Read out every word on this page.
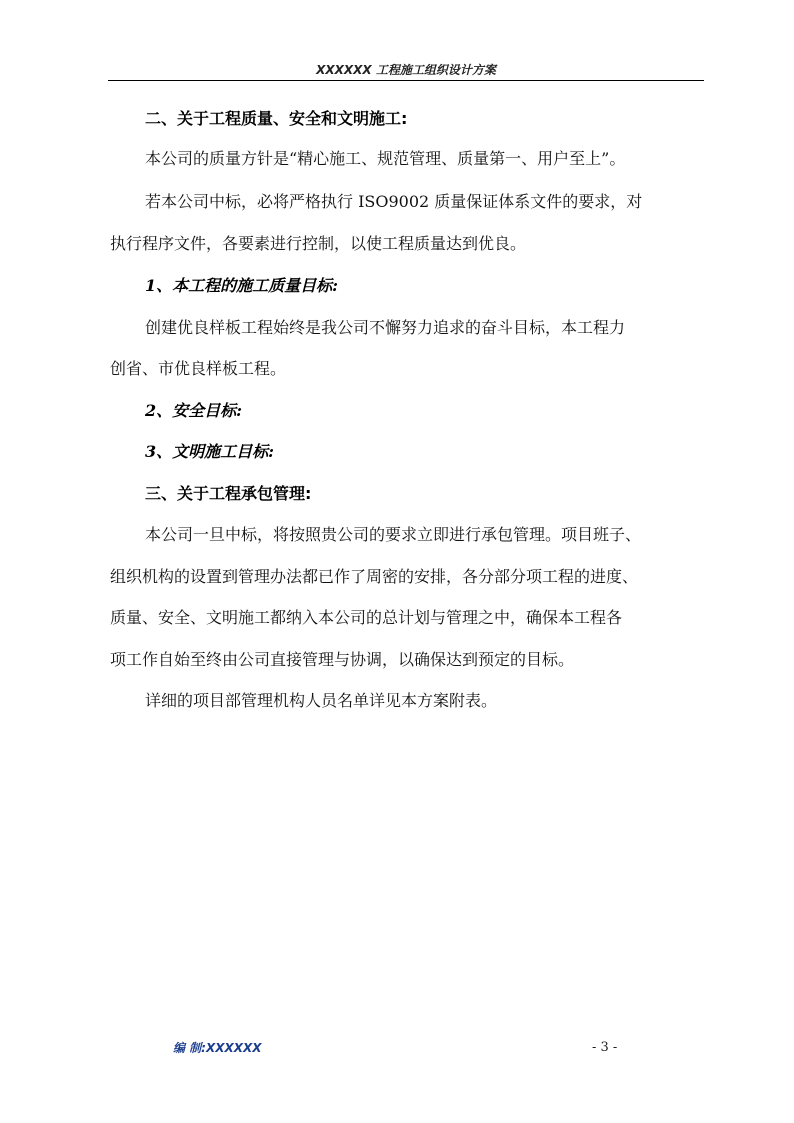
XXXXXX 工程施工组织设计方案
二、关于工程质量、安全和文明施工:
本公司的质量方针是“精心施工、规范管理、质量第一、用户至上”。
若本公司中标，必将严格执行 ISO9002 质量保证体系文件的要求，对
执行程序文件，各要素进行控制，以使工程质量达到优良。
1、本工程的施工质量目标:
创建优良样板工程始终是我公司不懈努力追求的奋斗目标，本工程力
创省、市优良样板工程。
2、安全目标:
3、文明施工目标:
三、关于工程承包管理:
本公司一旦中标，将按照贵公司的要求立即进行承包管理。项目班子、
组织机构的设置到管理办法都已作了周密的安排，各分部分项工程的进度、
质量、安全、文明施工都纳入本公司的总计划与管理之中，确保本工程各
项工作自始至终由公司直接管理与协调，以确保达到预定的目标。
详细的项目部管理机构人员名单详见本方案附表。
编 制:XXXXXX	- 3 -
